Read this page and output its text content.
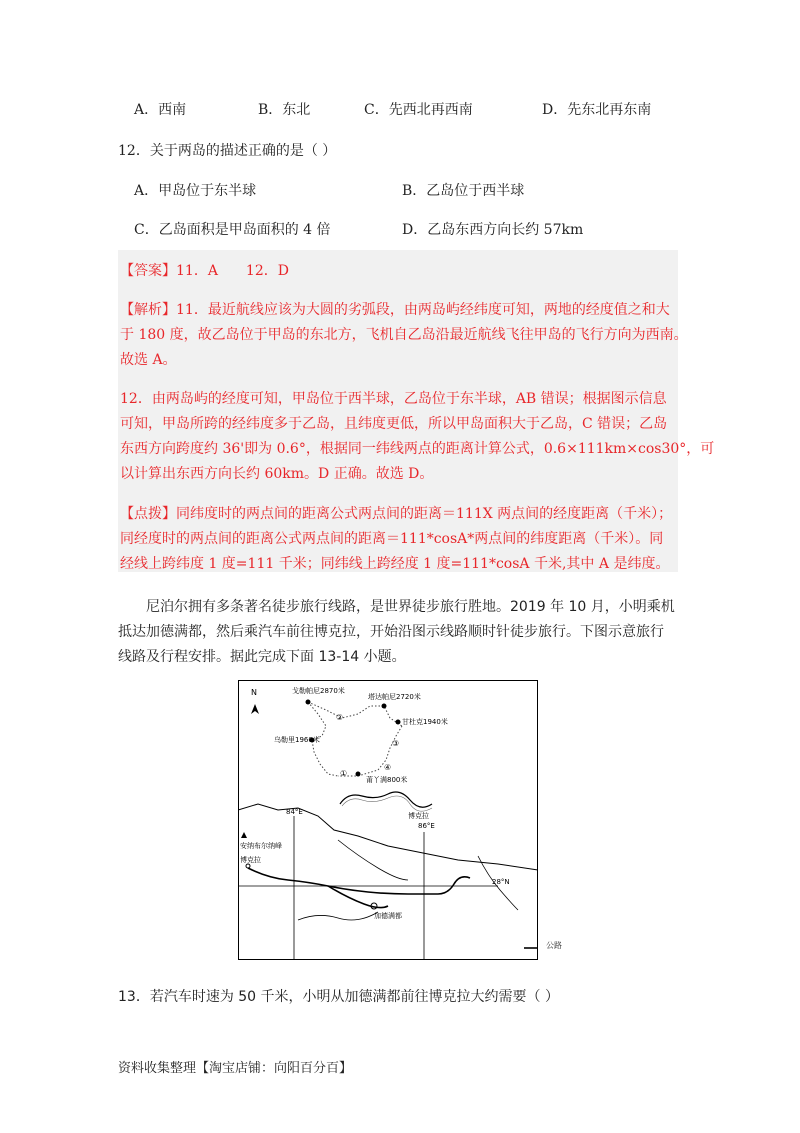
A．西南	B．东北	C．先西北再西南	D．先东北再东南
12．关于两岛的描述正确的是（ ）
A．甲岛位于东半球	B．乙岛位于西半球
C．乙岛面积是甲岛面积的 4 倍	D．乙岛东西方向长约 57km
【答案】11．A　　12．D
【解析】11．最近航线应该为大圆的劣弧段，由两岛屿经纬度可知，两地的经度值之和大
于 180 度，故乙岛位于甲岛的东北方，飞机自乙岛沿最近航线飞往甲岛的飞行方向为西南。
故选 A。
12．由两岛屿的经度可知，甲岛位于西半球，乙岛位于东半球，AB 错误；根据图示信息
可知，甲岛所跨的经纬度多于乙岛，且纬度更低，所以甲岛面积大于乙岛，C 错误；乙岛
东西方向跨度约 36'即为 0.6°，根据同一纬线两点的距离计算公式，0.6×111km×cos30°，可
以计算出东西方向长约 60km。D 正确。故选 D。
【点拨】同纬度时的两点间的距离公式两点间的距离＝111X 两点间的经度距离（千米）；
同经度时的两点间的距离公式两点间的距离＝111*cosA*两点间的纬度距离（千米）。同
经线上跨纬度 1 度=111 千米；同纬线上跨经度 1 度=111*cosA 千米,其中 A 是纬度。
尼泊尔拥有多条著名徒步旅行线路，是世界徒步旅行胜地。2019 年 10 月，小明乘机
抵达加德满都，然后乘汽车前往博克拉，开始沿图示线路顺时针徒步旅行。下图示意旅行
线路及行程安排。据此完成下面 13-14 小题。
N	戈勒帕尼2870米
塔达帕尼2720米
甘杜克1940米
乌勒里1960米
莆丫满800米
博克拉
②
③
①
④
84°E
86°E
28°N
安纳布尔纳峰
博克拉
加德满都
公路
13．若汽车时速为 50 千米，小明从加德满都前往博克拉大约需要（ ）
资料收集整理【淘宝店铺：向阳百分百】
